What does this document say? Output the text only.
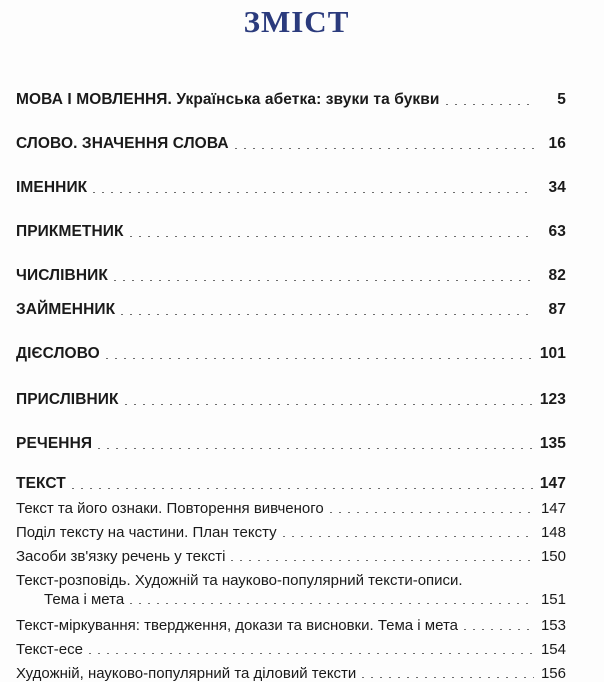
ЗМІСТ
МОВА І МОВЛЕННЯ. Українська абетка: звуки та букви	5
СЛОВО. ЗНАЧЕННЯ СЛОВА	16
ІМЕННИК	34
ПРИКМЕТНИК	63
ЧИСЛІВНИК	82
ЗАЙМЕННИК	87
ДІЄСЛОВО	101
ПРИСЛІВНИК	123
РЕЧЕННЯ	135
ТЕКСТ	147
Текст та його ознаки. Повторення вивченого	147
Поділ тексту на частини. План тексту	148
Засоби зв'язку речень у тексті	150
Текст-розповідь. Художній та науково-популярний тексти-описи.
Тема і мета	151
Текст-міркування: твердження, докази та висновки. Тема і мета	153
Текст-есе	154
Художній, науково-популярний та діловий тексти	156
